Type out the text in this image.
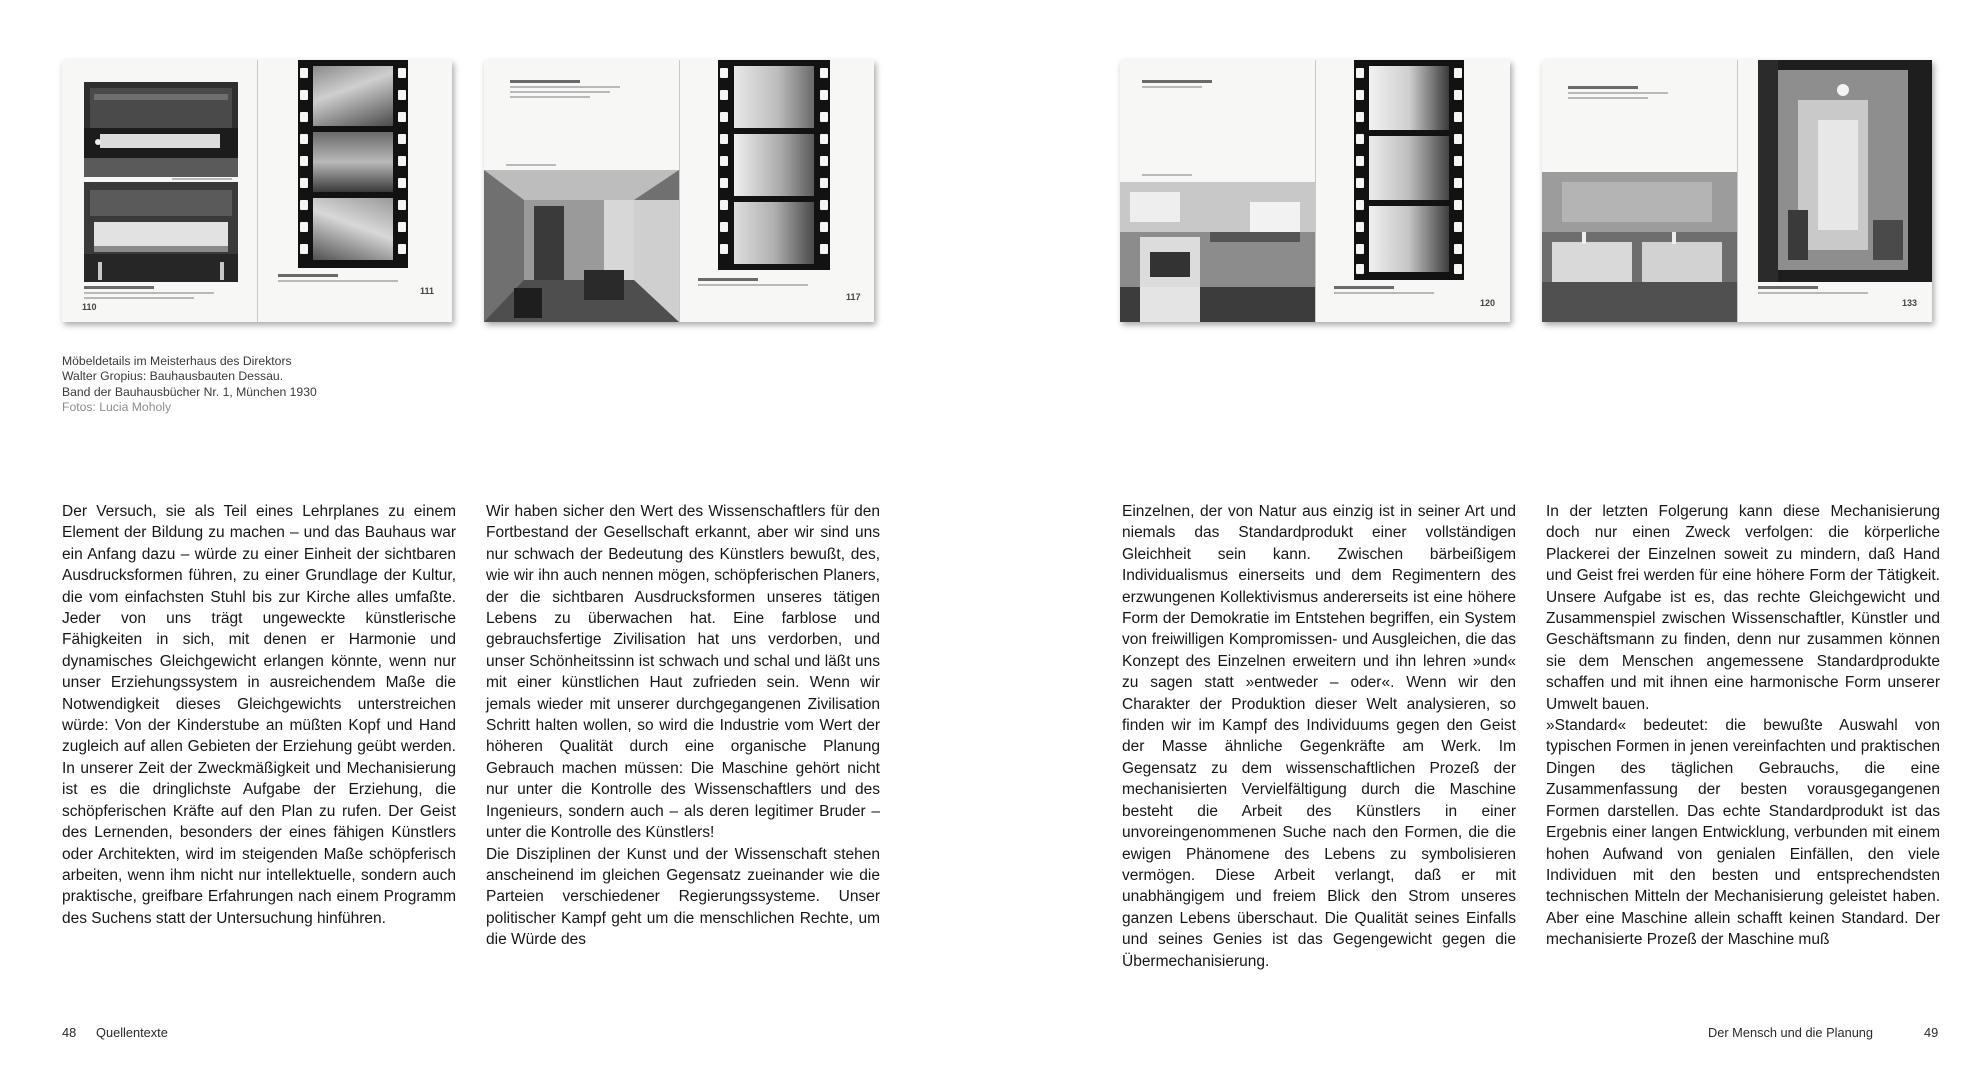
110
111
117
120	133
Möbeldetails im Meisterhaus des Direktors
Walter Gropius: Bauhausbauten Dessau.
Band der Bauhausbücher Nr. 1, München 1930
Fotos: Lucia Moholy

Der Versuch, sie als Teil eines Lehrplanes zu einem Element der Bildung zu machen – und das Bauhaus war ein Anfang dazu – würde zu einer Einheit der sichtbaren Ausdrucksformen führen, zu einer Grundlage der Kultur, die vom einfachsten Stuhl bis zur Kirche alles umfaßte. Jeder von uns trägt ungeweckte künstlerische Fähigkeiten in sich, mit denen er Harmonie und dynamisches Gleichgewicht erlangen könnte, wenn nur unser Erziehungssystem in ausreichendem Maße die Notwendigkeit dieses Gleichgewichts unterstreichen würde: Von der Kinderstube an müßten Kopf und Hand zugleich auf allen Gebieten der Erziehung geübt werden. In unserer Zeit der Zweckmäßigkeit und Mechanisierung ist es die dringlichste Aufgabe der Erziehung, die schöpferischen Kräfte auf den Plan zu rufen. Der Geist des Lernenden, besonders der eines fähigen Künstlers oder Architekten, wird im steigenden Maße schöpferisch arbeiten, wenn ihm nicht nur intellektuelle, sondern auch praktische, greifbare Erfahrungen nach einem Programm des Suchens statt der Untersuchung hinführen.

Wir haben sicher den Wert des Wissenschaftlers für den Fortbestand der Gesellschaft erkannt, aber wir sind uns nur schwach der Bedeutung des Künstlers bewußt, des, wie wir ihn auch nennen mögen, schöpferischen Planers, der die sichtbaren Ausdrucksformen unseres tätigen Lebens zu überwachen hat. Eine farblose und gebrauchsfertige Zivilisation hat uns verdorben, und unser Schönheitssinn ist schwach und schal und läßt uns mit einer künstlichen Haut zufrieden sein. Wenn wir jemals wieder mit unserer durchgegangenen Zivilisation Schritt halten wollen, so wird die Industrie vom Wert der höheren Qualität durch eine organische Planung Gebrauch machen müssen: Die Maschine gehört nicht nur unter die Kontrolle des Wissenschaftlers und des Ingenieurs, sondern auch – als deren legitimer Bruder – unter die Kontrolle des Künstlers!

Die Disziplinen der Kunst und der Wissenschaft stehen anscheinend im gleichen Gegensatz zueinander wie die Parteien verschiedener Regierungssysteme. Unser politischer Kampf geht um die menschlichen Rechte, um die Würde des

Einzelnen, der von Natur aus einzig ist in seiner Art und niemals das Standardprodukt einer vollständigen Gleichheit sein kann. Zwischen bärbeißigem Individualismus einerseits und dem Regimentern des erzwungenen Kollektivismus andererseits ist eine höhere Form der Demokratie im Entstehen begriffen, ein System von freiwilligen Kompromissen- und Ausgleichen, die das Konzept des Einzelnen erweitern und ihn lehren »und« zu sagen statt »entweder – oder«. Wenn wir den Charakter der Produktion dieser Welt analysieren, so finden wir im Kampf des Individuums gegen den Geist der Masse ähnliche Gegenkräfte am Werk. Im Gegensatz zu dem wissenschaftlichen Prozeß der mechanisierten Vervielfältigung durch die Maschine besteht die Arbeit des Künstlers in einer unvoreingenommenen Suche nach den Formen, die die ewigen Phänomene des Lebens zu symbolisieren vermögen. Diese Arbeit verlangt, daß er mit unabhängigem und freiem Blick den Strom unseres ganzen Lebens überschaut. Die Qualität seines Einfalls und seines Genies ist das Gegengewicht gegen die Übermechanisierung.

In der letzten Folgerung kann diese Mechanisierung doch nur einen Zweck verfolgen: die körperliche Plackerei der Einzelnen soweit zu mindern, daß Hand und Geist frei werden für eine höhere Form der Tätigkeit. Unsere Aufgabe ist es, das rechte Gleichgewicht und Zusammenspiel zwischen Wissenschaftler, Künstler und Geschäftsmann zu finden, denn nur zusammen können sie dem Menschen angemessene Standardprodukte schaffen und mit ihnen eine harmonische Form unserer Umwelt bauen.

»Standard« bedeutet: die bewußte Auswahl von typischen Formen in jenen vereinfachten und praktischen Dingen des täglichen Gebrauchs, die eine Zusammenfassung der besten vorausgegangenen Formen darstellen. Das echte Standardprodukt ist das Ergebnis einer langen Entwicklung, verbunden mit einem hohen Aufwand von genialen Einfällen, den viele Individuen mit den besten und entsprechendsten technischen Mitteln der Mechanisierung geleistet haben. Aber eine Maschine allein schafft keinen Standard. Der mechanisierte Prozeß der Maschine muß

48 Quellentexte	Der Mensch und die Planung	49
